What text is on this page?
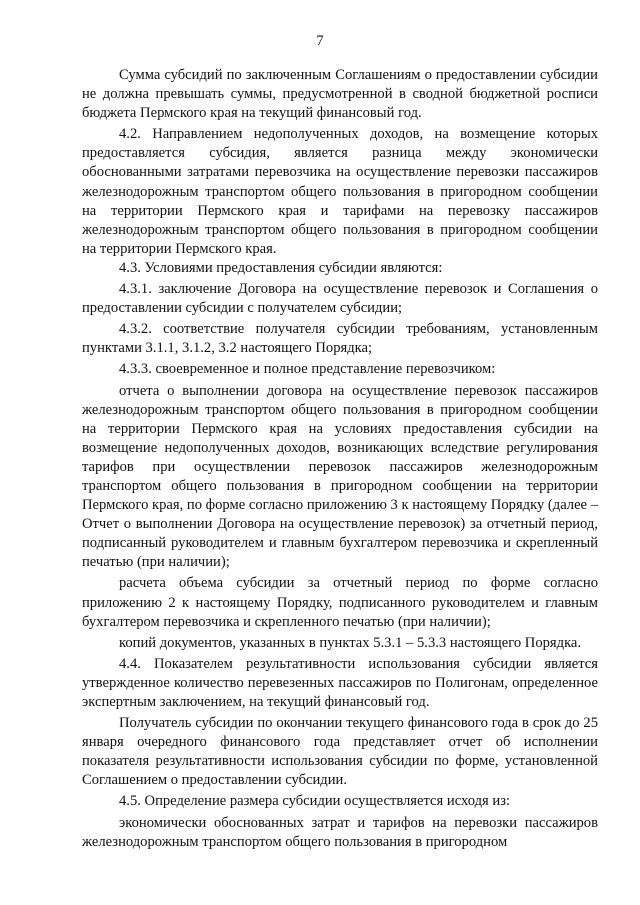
7

Сумма субсидий по заключенным Соглашениям о предоставлении субсидии не должна превышать суммы, предусмотренной в сводной бюджетной росписи бюджета Пермского края на текущий финансовый год.

4.2. Направлением недополученных доходов, на возмещение которых предоставляется субсидия, является разница между экономически обоснованными затратами перевозчика на осуществление перевозки пассажиров железнодорожным транспортом общего пользования в пригородном сообщении на территории Пермского края и тарифами на перевозку пассажиров железнодорожным транспортом общего пользования в пригородном сообщении на территории Пермского края.

4.3. Условиями предоставления субсидии являются:

4.3.1. заключение Договора на осуществление перевозок и Соглашения о предоставлении субсидии с получателем субсидии;

4.3.2. соответствие получателя субсидии требованиям, установленным пунктами 3.1.1, 3.1.2, 3.2 настоящего Порядка;

4.3.3. своевременное и полное представление перевозчиком:

отчета о выполнении договора на осуществление перевозок пассажиров железнодорожным транспортом общего пользования в пригородном сообщении на территории Пермского края на условиях предоставления субсидии на возмещение недополученных доходов, возникающих вследствие регулирования тарифов при осуществлении перевозок пассажиров железнодорожным транспортом общего пользования в пригородном сообщении на территории Пермского края, по форме согласно приложению 3 к настоящему Порядку (далее – Отчет о выполнении Договора на осуществление перевозок) за отчетный период, подписанный руководителем и главным бухгалтером перевозчика и скрепленный печатью (при наличии);

расчета объема субсидии за отчетный период по форме согласно приложению 2 к настоящему Порядку, подписанного руководителем и главным бухгалтером перевозчика и скрепленного печатью (при наличии);

копий документов, указанных в пунктах 5.3.1 – 5.3.3 настоящего Порядка.

4.4. Показателем результативности использования субсидии является утвержденное количество перевезенных пассажиров по Полигонам, определенное экспертным заключением, на текущий финансовый год.

Получатель субсидии по окончании текущего финансового года в срок до 25 января очередного финансового года представляет отчет об исполнении показателя результативности использования субсидии по форме, установленной Соглашением о предоставлении субсидии.

4.5. Определение размера субсидии осуществляется исходя из:

экономически обоснованных затрат и тарифов на перевозки пассажиров железнодорожным транспортом общего пользования в пригородном
